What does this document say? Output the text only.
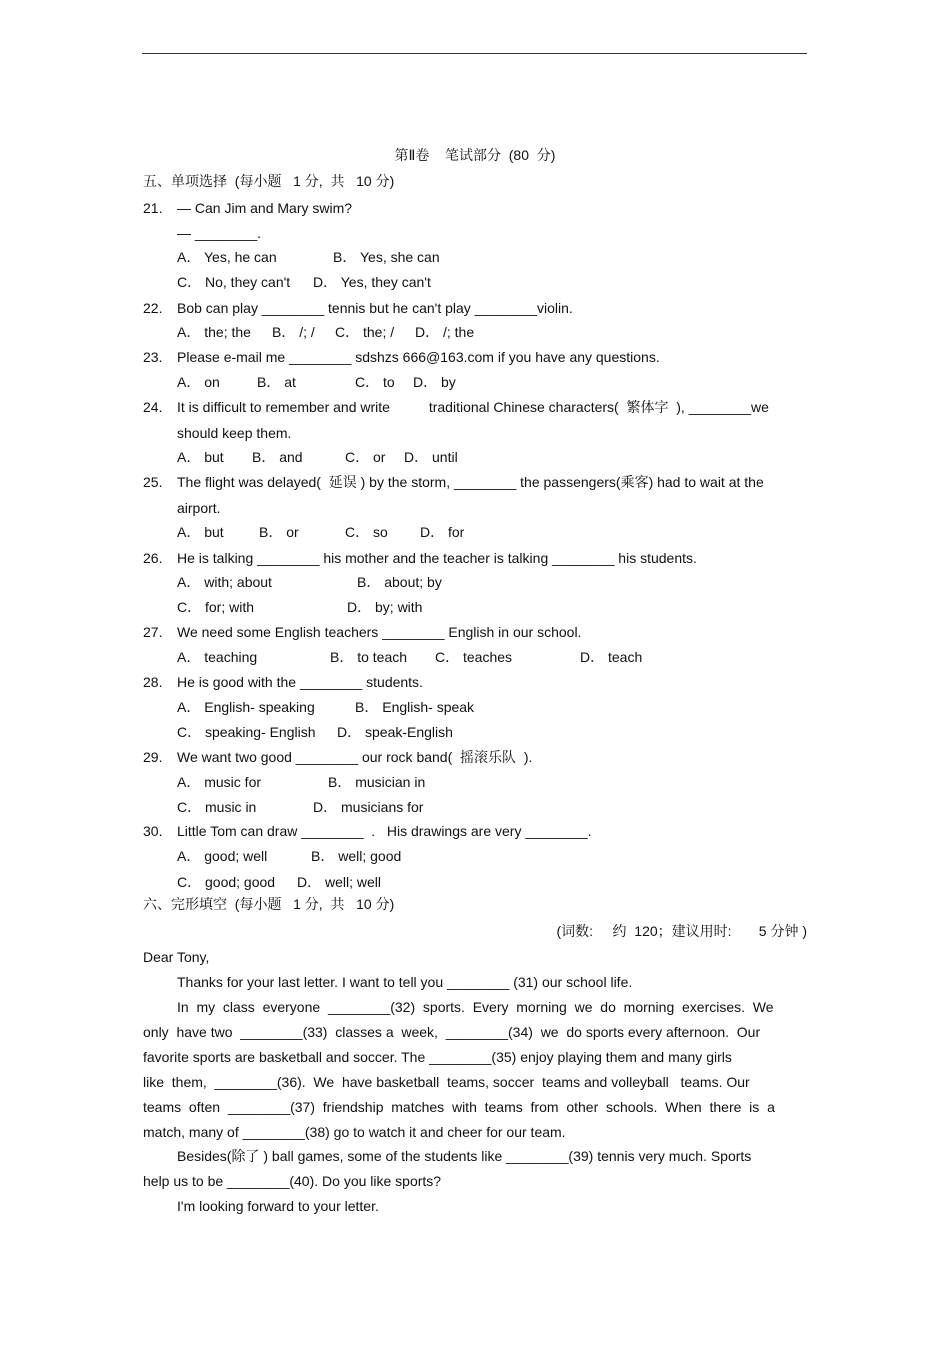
第Ⅱ卷    笔试部分  (80  分)
五、单项选择  (每小题   1 分,  共   10 分)
21. — Can Jim and Mary swim?
— ________.
A． Yes, he can	B． Yes, she can
C． No, they can't D． Yes, they can't
22. Bob can play ________ tennis but he can't play ________violin.
A． the; the B． /; / C． the; / D． /; the
23. Please e-mail me ________ sdshzs 666@163.com if you have any questions.
A． on	B． at	C． to D． by
24. It is difficult to remember and write          traditional Chinese characters(  繁体字  ), ________we
should keep them.
A． but B． and	C． or D． until
25. The flight was delayed(  延误 ) by the storm, ________ the passengers(乘客) had to wait at the
airport.
A． but	B． or	C． so D． for
26. He is talking ________ his mother and the teacher is talking ________ his students.
A． with; about	B． about; by
C． for; with	D． by; with
27. We need some English teachers ________ English in our school.
A． teaching	B． to teach C． teaches	D． teach
28. He is good with the ________ students.
A． English- speaking	B． English- speak
C． speaking- English D． speak-English
29. We want two good ________ our rock band(  摇滚乐队  ).
A． music for	B． musician in
C． music in	D． musicians for
30. Little Tom can draw ________  .   His drawings are very ________.
A． good; well	B． well; good
C． good; good D． well; well
六、完形填空  (每小题   1 分,  共   10 分)
(词数:     约  120；建议用时:       5 分钟 )
Dear Tony,
Thanks for your last letter. I want to tell you ________ (31) our school life.
In  my  class  everyone  ________(32)  sports.  Every  morning  we  do  morning  exercises.  We
only  have two  ________(33)  classes a  week,  ________(34)  we  do sports every afternoon.  Our
favorite sports are basketball and soccer. The ________(35) enjoy playing them and many girls
like  them,  ________(36).  We  have basketball  teams, soccer  teams and volleyball   teams. Our
teams  often  ________(37)  friendship  matches  with  teams  from  other  schools.  When  there  is  a
match, many of ________(38) go to watch it and cheer for our team.
Besides(除了 ) ball games, some of the students like ________(39) tennis very much. Sports
help us to be ________(40). Do you like sports?
I'm looking forward to your letter.
